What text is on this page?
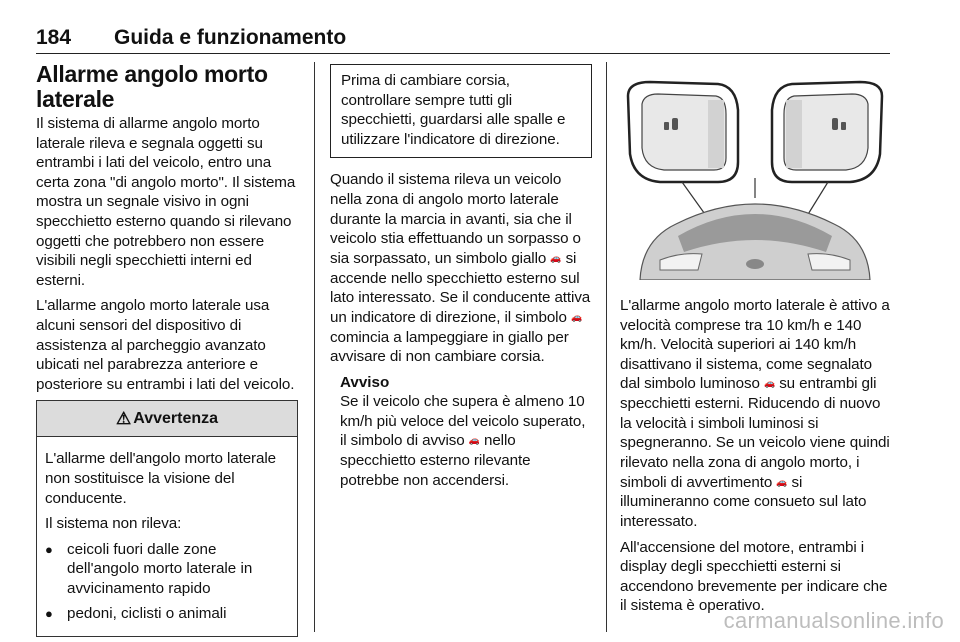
184	Guida e funzionamento
Allarme angolo morto laterale

Il sistema di allarme angolo morto laterale rileva e segnala oggetti su entrambi i lati del veicolo, entro una certa zona "di angolo morto". Il sistema mostra un segnale visivo in ogni specchietto esterno quando si rilevano oggetti che potrebbero non essere visibili negli specchietti interni ed esterni.

L'allarme angolo morto laterale usa alcuni sensori del dispositivo di assistenza al parcheggio avanzato ubicati nel parabrezza anteriore e posteriore su entrambi i lati del veicolo.

⚠ Avvertenza

L'allarme dell'angolo morto laterale non sostituisce la visione del conducente.

Il sistema non rileva:

● ceicoli fuori dalle zone dell'angolo morto laterale in avvicinamento rapido
● pedoni, ciclisti o animali

Prima di cambiare corsia, controllare sempre tutti gli specchietti, guardarsi alle spalle e utilizzare l'indicatore di direzione.

Quando il sistema rileva un veicolo nella zona di angolo morto laterale durante la marcia in avanti, sia che il veicolo stia effettuando un sorpasso o sia sorpassato, un simbolo giallo 🚗 si accende nello specchietto esterno sul lato interessato. Se il conducente attiva un indicatore di direzione, il simbolo 🚗 comincia a lampeggiare in giallo per avvisare di non cambiare corsia.

Avviso

Se il veicolo che supera è almeno 10 km/h più veloce del veicolo superato, il simbolo di avviso 🚗 nello specchietto esterno rilevante potrebbe non accendersi.

L'allarme angolo morto laterale è attivo a velocità comprese tra 10 km/h e 140 km/h. Velocità superiori ai 140 km/h disattivano il sistema, come segnalato dal simbolo luminoso 🚗 su entrambi gli specchietti esterni. Riducendo di nuovo la velocità i simboli luminosi si spegneranno. Se un veicolo viene quindi rilevato nella zona di angolo morto, i simboli di avvertimento 🚗 si illumineranno come consueto sul lato interessato.

All'accensione del motore, entrambi i display degli specchietti esterni si accendono brevemente per indicare che il sistema è operativo.

carmanualsonline.info
